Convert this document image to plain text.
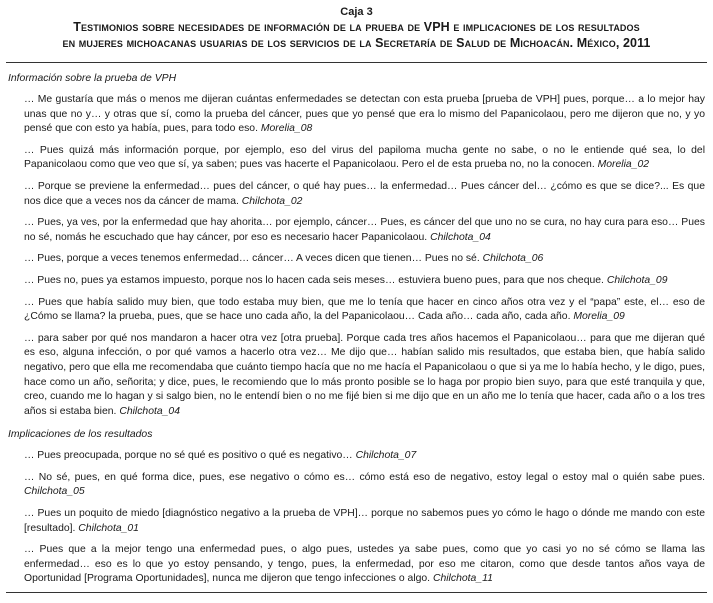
Caja 3
Testimonios sobre necesidades de información de la prueba de VPH e implicaciones de los resultados
en mujeres michoacanas usuarias de los servicios de la Secretaría de Salud de Michoacán. México, 2011
Información sobre la prueba de VPH
… Me gustaría que más o menos me dijeran cuántas enfermedades se detectan con esta prueba [prueba de VPH] pues, porque… a lo mejor hay unas que no y… y otras que sí, como la prueba del cáncer, pues que yo pensé que era lo mismo del Papanicolaou, pero me dijeron que no, y yo pensé que con esto ya había, pues, para todo eso. Morelia_08
… Pues quizá más información porque, por ejemplo, eso del virus del papiloma mucha gente no sabe, o no le entiende qué sea, lo del Papanicolaou como que veo que sí, ya saben; pues vas hacerte el Papanicolaou. Pero el de esta prueba no, no la conocen. Morelia_02
… Porque se previene la enfermedad… pues del cáncer, o qué hay pues… la enfermedad… Pues cáncer del… ¿cómo es que se dice?... Es que nos dice que a veces nos da cáncer de mama. Chilchota_02
… Pues, ya ves, por la enfermedad que hay ahorita… por ejemplo, cáncer… Pues, es cáncer del que uno no se cura, no hay cura para eso… Pues no sé, nomás he escuchado que hay cáncer, por eso es necesario hacer Papanicolaou. Chilchota_04
… Pues, porque a veces tenemos enfermedad… cáncer… A veces dicen que tienen… Pues no sé. Chilchota_06
… Pues no, pues ya estamos impuesto, porque nos lo hacen cada seis meses… estuviera bueno pues, para que nos cheque. Chilchota_09
… Pues que había salido muy bien, que todo estaba muy bien, que me lo tenía que hacer en cinco años otra vez y el “papa” este, el… eso de ¿Cómo se llama? la prueba, pues, que se hace uno cada año, la del Papanicolaou… Cada año… cada año, cada año. Morelia_09
… para saber por qué nos mandaron a hacer otra vez [otra prueba]. Porque cada tres años hacemos el Papanicolaou… para que me dijeran qué es eso, alguna infección, o por qué vamos a hacerlo otra vez… Me dijo que… habían salido mis resultados, que estaba bien, que había salido negativo, pero que ella me recomendaba que cuánto tiempo hacía que no me hacía el Papanicolaou o que si ya me lo había hecho, y le digo, pues, hace como un año, señorita; y dice, pues, le recomiendo que lo más pronto posible se lo haga por propio bien suyo, para que esté tranquila y que, creo, cuando me lo hagan y si salgo bien, no le entendí bien o no me fijé bien si me dijo que en un año me lo tenía que hacer, cada año o a los tres años si estaba bien. Chilchota_04
Implicaciones de los resultados
… Pues preocupada, porque no sé qué es positivo o qué es negativo… Chilchota_07
… No sé, pues, en qué forma dice, pues, ese negativo o cómo es… cómo está eso de negativo, estoy legal o estoy mal o quién sabe pues. Chilchota_05
… Pues un poquito de miedo [diagnóstico negativo a la prueba de VPH]… porque no sabemos pues yo cómo le hago o dónde me mando con este [resultado]. Chilchota_01
… Pues que a la mejor tengo una enfermedad pues, o algo pues, ustedes ya sabe pues, como que yo casi yo no sé cómo se llama las enfermedad… eso es lo que yo estoy pensando, y tengo, pues, la enfermedad, por eso me citaron, como que desde tantos años vaya de Oportunidad [Programa Oportunidades], nunca me dijeron que tengo infecciones o algo. Chilchota_11
